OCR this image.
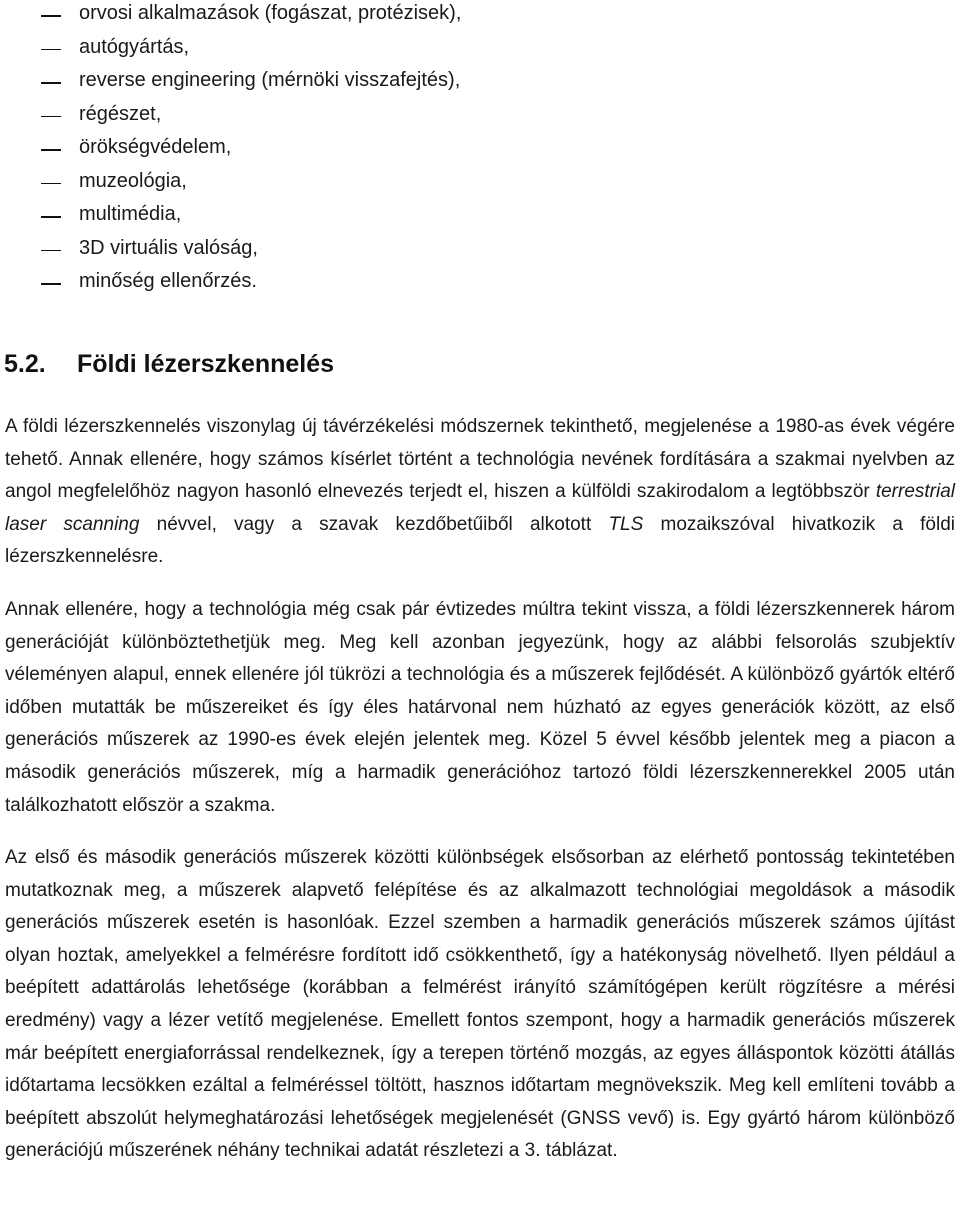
orvosi alkalmazások (fogászat, protézisek),
autógyártás,
reverse engineering (mérnöki visszafejtés),
régészet,
örökségvédelem,
muzeológia,
multimédia,
3D virtuális valóság,
minőség ellenőrzés.
5.2. Földi lézerszkennelés

A földi lézerszkennelés viszonylag új távérzékelési módszernek tekinthető, megjelenése a 1980-as évek végére tehető. Annak ellenére, hogy számos kísérlet történt a technológia nevének fordítására a szakmai nyelvben az angol megfelelőhöz nagyon hasonló elnevezés terjedt el, hiszen a külföldi szakirodalom a legtöbbször terrestrial laser scanning névvel, vagy a szavak kezdőbetűiből alkotott TLS mozaikszóval hivatkozik a földi lézerszkennelésre.

Annak ellenére, hogy a technológia még csak pár évtizedes múltra tekint vissza, a földi lézerszkennerek három generációját különböztethetjük meg. Meg kell azonban jegyezünk, hogy az alábbi felsorolás szubjektív véleményen alapul, ennek ellenére jól tükrözi a technológia és a műszerek fejlődését. A különböző gyártók eltérő időben mutatták be műszereiket és így éles határvonal nem húzható az egyes generációk között, az első generációs műszerek az 1990-es évek elején jelentek meg. Közel 5 évvel később jelentek meg a piacon a második generációs műszerek, míg a harmadik generációhoz tartozó földi lézerszkennerekkel 2005 után találkozhatott először a szakma.

Az első és második generációs műszerek közötti különbségek elsősorban az elérhető pontosság tekintetében mutatkoznak meg, a műszerek alapvető felépítése és az alkalmazott technológiai megoldások a második generációs műszerek esetén is hasonlóak. Ezzel szemben a harmadik generációs műszerek számos újítást olyan hoztak, amelyekkel a felmérésre fordított idő csökkenthető, így a hatékonyság növelhető. Ilyen például a beépített adattárolás lehetősége (korábban a felmérést irányító számítógépen került rögzítésre a mérési eredmény) vagy a lézer vetítő megjelenése. Emellett fontos szempont, hogy a harmadik generációs műszerek már beépített energiaforrással rendelkeznek, így a terepen történő mozgás, az egyes álláspontok közötti átállás időtartama lecsökken ezáltal a felméréssel töltött, hasznos időtartam megnövekszik. Meg kell említeni tovább a beépített abszolút helymeghatározási lehetőségek megjelenését (GNSS vevő) is. Egy gyártó három különböző generációjú műszerének néhány technikai adatát részletezi a 3. táblázat.
